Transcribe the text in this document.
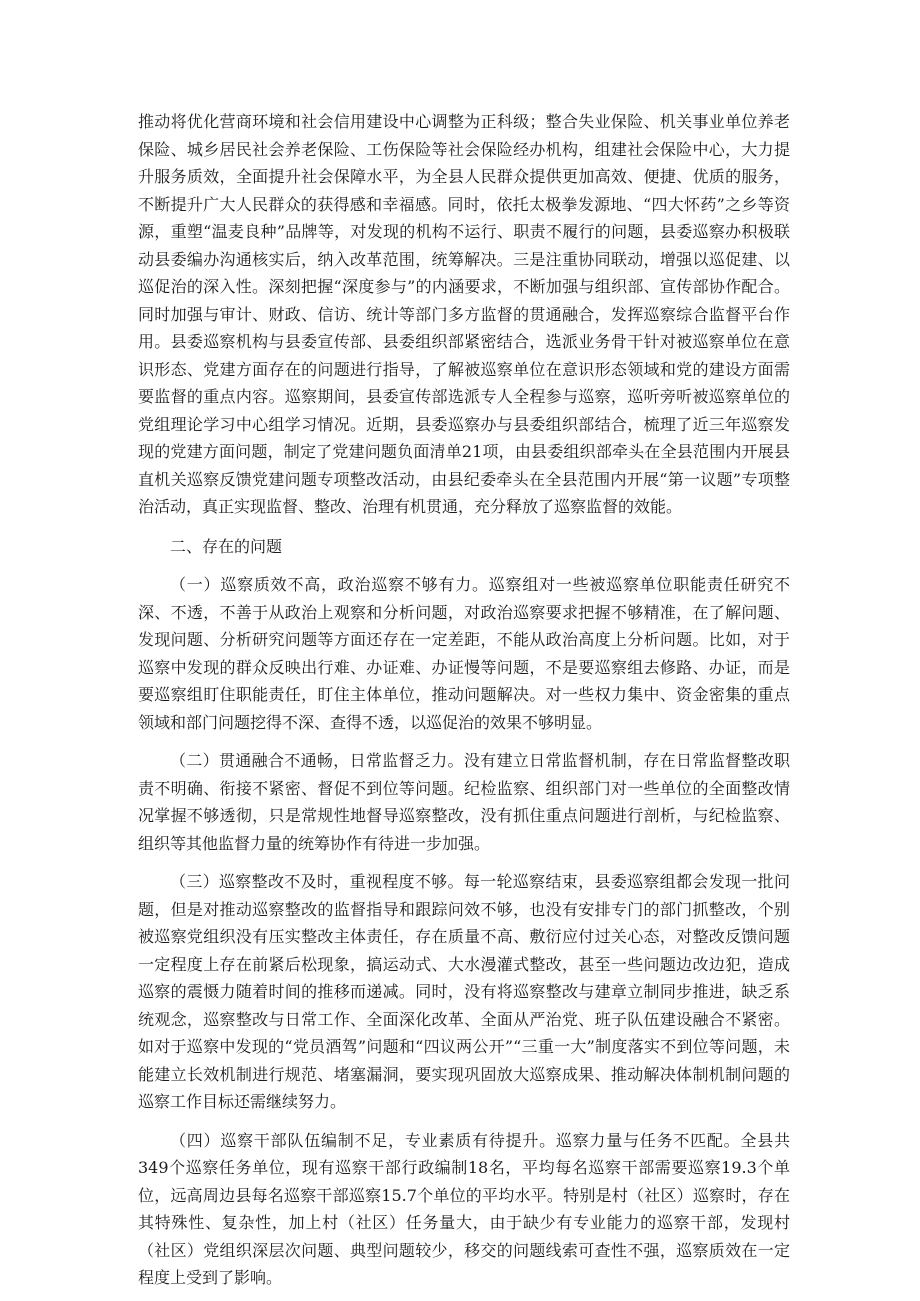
推动将优化营商环境和社会信用建设中心调整为正科级；整合失业保险、机关事业单位养老保险、城乡居民社会养老保险、工伤保险等社会保险经办机构，组建社会保险中心，大力提升服务质效，全面提升社会保障水平，为全县人民群众提供更加高效、便捷、优质的服务，不断提升广大人民群众的获得感和幸福感。同时，依托太极拳发源地、“四大怀药”之乡等资源，重塑“温麦良种”品牌等，对发现的机构不运行、职责不履行的问题，县委巡察办积极联动县委编办沟通核实后，纳入改革范围，统筹解决。三是注重协同联动，增强以巡促建、以巡促治的深入性。深刻把握“深度参与”的内涵要求，不断加强与组织部、宣传部协作配合。同时加强与审计、财政、信访、统计等部门多方监督的贯通融合，发挥巡察综合监督平台作用。县委巡察机构与县委宣传部、县委组织部紧密结合，选派业务骨干针对被巡察单位在意识形态、党建方面存在的问题进行指导，了解被巡察单位在意识形态领域和党的建设方面需要监督的重点内容。巡察期间，县委宣传部选派专人全程参与巡察，巡听旁听被巡察单位的党组理论学习中心组学习情况。近期，县委巡察办与县委组织部结合，梳理了近三年巡察发现的党建方面问题，制定了党建问题负面清单21项，由县委组织部牵头在全县范围内开展县直机关巡察反馈党建问题专项整改活动，由县纪委牵头在全县范围内开展“第一议题”专项整治活动，真正实现监督、整改、治理有机贯通，充分释放了巡察监督的效能。

二、存在的问题

（一）巡察质效不高，政治巡察不够有力。巡察组对一些被巡察单位职能责任研究不深、不透，不善于从政治上观察和分析问题，对政治巡察要求把握不够精准，在了解问题、发现问题、分析研究问题等方面还存在一定差距，不能从政治高度上分析问题。比如，对于巡察中发现的群众反映出行难、办证难、办证慢等问题，不是要巡察组去修路、办证，而是要巡察组盯住职能责任，盯住主体单位，推动问题解决。对一些权力集中、资金密集的重点领域和部门问题挖得不深、查得不透，以巡促治的效果不够明显。

（二）贯通融合不通畅，日常监督乏力。没有建立日常监督机制，存在日常监督整改职责不明确、衔接不紧密、督促不到位等问题。纪检监察、组织部门对一些单位的全面整改情况掌握不够透彻，只是常规性地督导巡察整改，没有抓住重点问题进行剖析，与纪检监察、组织等其他监督力量的统筹协作有待进一步加强。

（三）巡察整改不及时，重视程度不够。每一轮巡察结束，县委巡察组都会发现一批问题，但是对推动巡察整改的监督指导和跟踪问效不够，也没有安排专门的部门抓整改，个别被巡察党组织没有压实整改主体责任，存在质量不高、敷衍应付过关心态，对整改反馈问题一定程度上存在前紧后松现象，搞运动式、大水漫灌式整改，甚至一些问题边改边犯，造成巡察的震慑力随着时间的推移而递减。同时，没有将巡察整改与建章立制同步推进，缺乏系统观念，巡察整改与日常工作、全面深化改革、全面从严治党、班子队伍建设融合不紧密。如对于巡察中发现的“党员酒驾”问题和“四议两公开”“三重一大”制度落实不到位等问题，未能建立长效机制进行规范、堵塞漏洞，要实现巩固放大巡察成果、推动解决体制机制问题的巡察工作目标还需继续努力。

（四）巡察干部队伍编制不足，专业素质有待提升。巡察力量与任务不匹配。全县共349个巡察任务单位，现有巡察干部行政编制18名，平均每名巡察干部需要巡察19.3个单位，远高周边县每名巡察干部巡察15.7个单位的平均水平。特别是村（社区）巡察时，存在其特殊性、复杂性，加上村（社区）任务量大，由于缺少有专业能力的巡察干部，发现村（社区）党组织深层次问题、典型问题较少，移交的问题线索可查性不强，巡察质效在一定程度上受到了影响。
